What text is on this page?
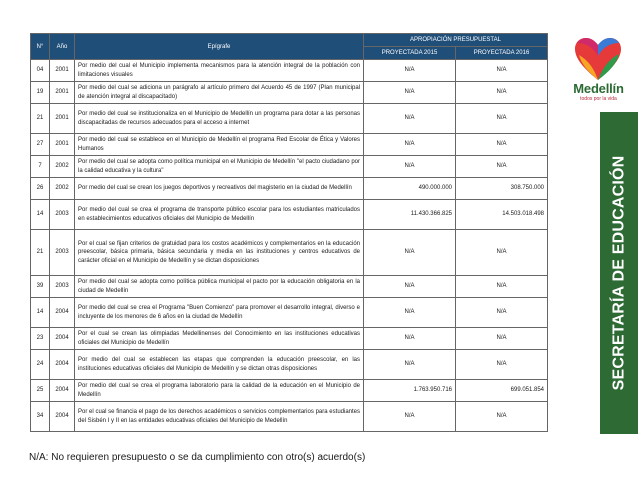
N°	Año	Epígrafe	APROPIACIÓN PRESUPUESTAL	
			PROYECTADA 2015	PROYECTADA 2016
04	2001	Por medio del cual el Municipio implementa mecanismos para la atención integral de la población con limitaciones visuales	N/A	N/A
19	2001	Por medio del cual se adiciona un parágrafo al artículo primero del Acuerdo 45 de 1997 (Plan municipal de atención integral al discapacitado)	N/A	N/A
21	2001	Por medio del cual se institucionaliza en el Municipio de Medellín un programa para dotar a las personas discapacitadas de recursos adecuados para el acceso a internet	N/A	N/A
27	2001	Por medio del cual se establece en el Municipio de Medellín el programa Red Escolar de Ética y Valores Humanos	N/A	N/A
7	2002	Por medio del cual se adopta como política municipal en el Municipio de Medellín "el pacto ciudadano por la calidad educativa y la cultura"	N/A	N/A
26	2002	Por medio del cual se crean los juegos deportivos y recreativos del magisterio en la ciudad de Medellín	490.000.000	308.750.000
14	2003	Por medio del cual se crea el programa de transporte público escolar para los estudiantes matriculados en establecimientos educativos oficiales del Municipio de Medellín	11.430.366.825	14.503.018.498
21	2003	Por el cual se fijan criterios de gratuidad para los costos académicos y complementarios en la educación preescolar, básica primaria, básica secundaria y media en las instituciones y centros educativos de carácter oficial en el Municipio de Medellín y se dictan disposiciones	N/A	N/A
39	2003	Por medio del cual se adopta como política pública municipal el pacto por la educación obligatoria en la ciudad de Medellín	N/A	N/A
14	2004	Por medio del cual se crea el Programa "Buen Comienzo" para promover el desarrollo integral, diverso e incluyente de los menores de 6 años en la ciudad de Medellín	N/A	N/A
23	2004	Por el cual se crean las olimpiadas Medellinenses del Conocimiento en las instituciones educativas oficiales del Municipio de Medellín	N/A	N/A
24	2004	Por medio del cual se establecen las etapas que comprenden la educación preescolar, en las instituciones educativas oficiales del Municipio de Medellín y se dictan otras disposiciones	N/A	N/A
25	2004	Por medio del cual se crea el programa laboratorio para la calidad de la educación en el Municipio de Medellín	1.763.950.716	699.051.854
34	2004	Por el cual se financia el pago de los derechos académicos o servicios complementarios para estudiantes del Sisbén I y II en las entidades educativas oficiales del Municipio de Medellín	N/A	N/A
Medellín
todos por la vida
SECRETARÍA DE EDUCACIÓN
N/A: No requieren presupuesto o se da cumplimiento con otro(s) acuerdo(s)
